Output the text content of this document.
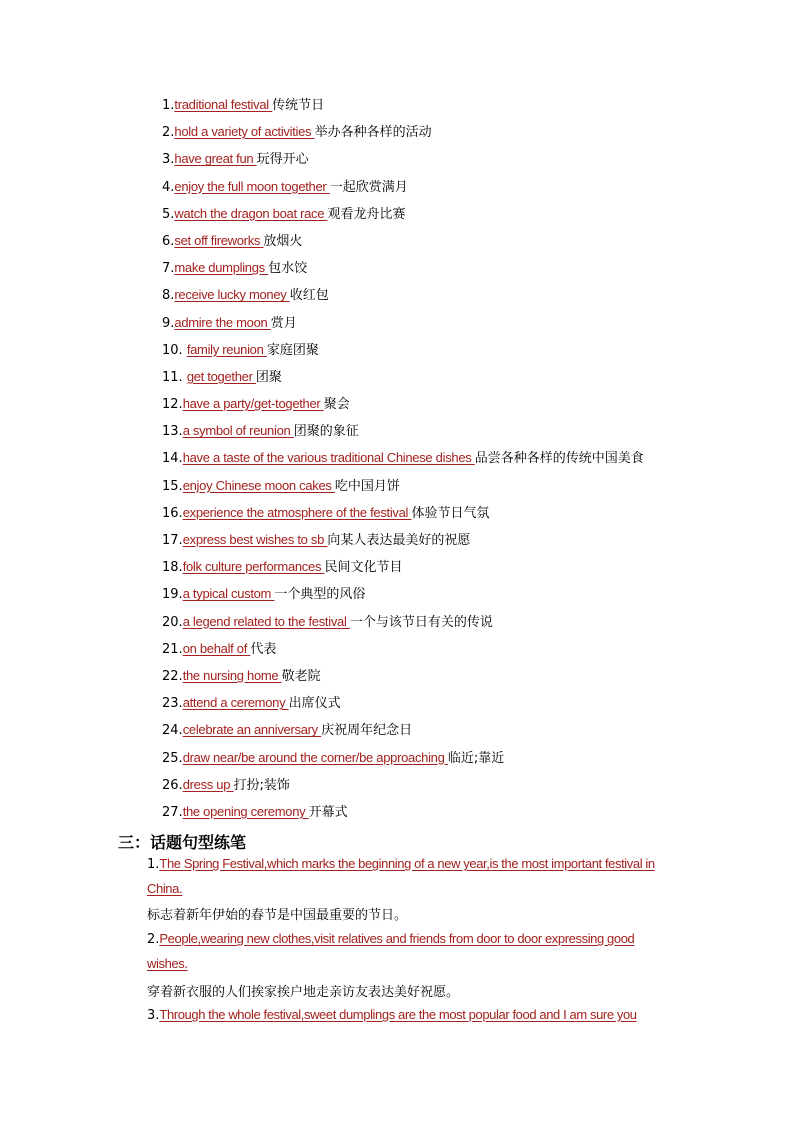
1.traditional festival 传统节日
2.hold a variety of activities 举办各种各样的活动
3.have great fun 玩得开心
4.enjoy the full moon together 一起欣赏满月
5.watch the dragon boat race 观看龙舟比赛
6.set off fireworks 放烟火
7.make dumplings 包水饺
8.receive lucky money 收红包
9.admire the moon 赏月
10. family reunion 家庭团聚
11. get together 团聚
12.have a party/get-together 聚会
13.a symbol of reunion 团聚的象征
14.have a taste of the various traditional Chinese dishes 品尝各种各样的传统中国美食
15.enjoy Chinese moon cakes 吃中国月饼
16.experience the atmosphere of the festival 体验节日气氛
17.express best wishes to sb 向某人表达最美好的祝愿
18.folk culture performances 民间文化节目
19.a typical custom 一个典型的风俗
20.a legend related to the festival 一个与该节日有关的传说
21.on behalf of 代表
22.the nursing home 敬老院
23.attend a ceremony 出席仪式
24.celebrate an anniversary 庆祝周年纪念日
25.draw near/be around the corner/be approaching 临近;靠近
26.dress up 打扮;装饰
27.the opening ceremony 开幕式
三：话题句型练笔
1.The Spring Festival,which marks the beginning of a new year,is the most important festival in China.
标志着新年伊始的春节是中国最重要的节日。
2.People,wearing new clothes,visit relatives and friends from door to door expressing good wishes.
穿着新衣服的人们挨家挨户地走亲访友表达美好祝愿。
3.Through the whole festival,sweet dumplings are the most popular food and I am sure you
